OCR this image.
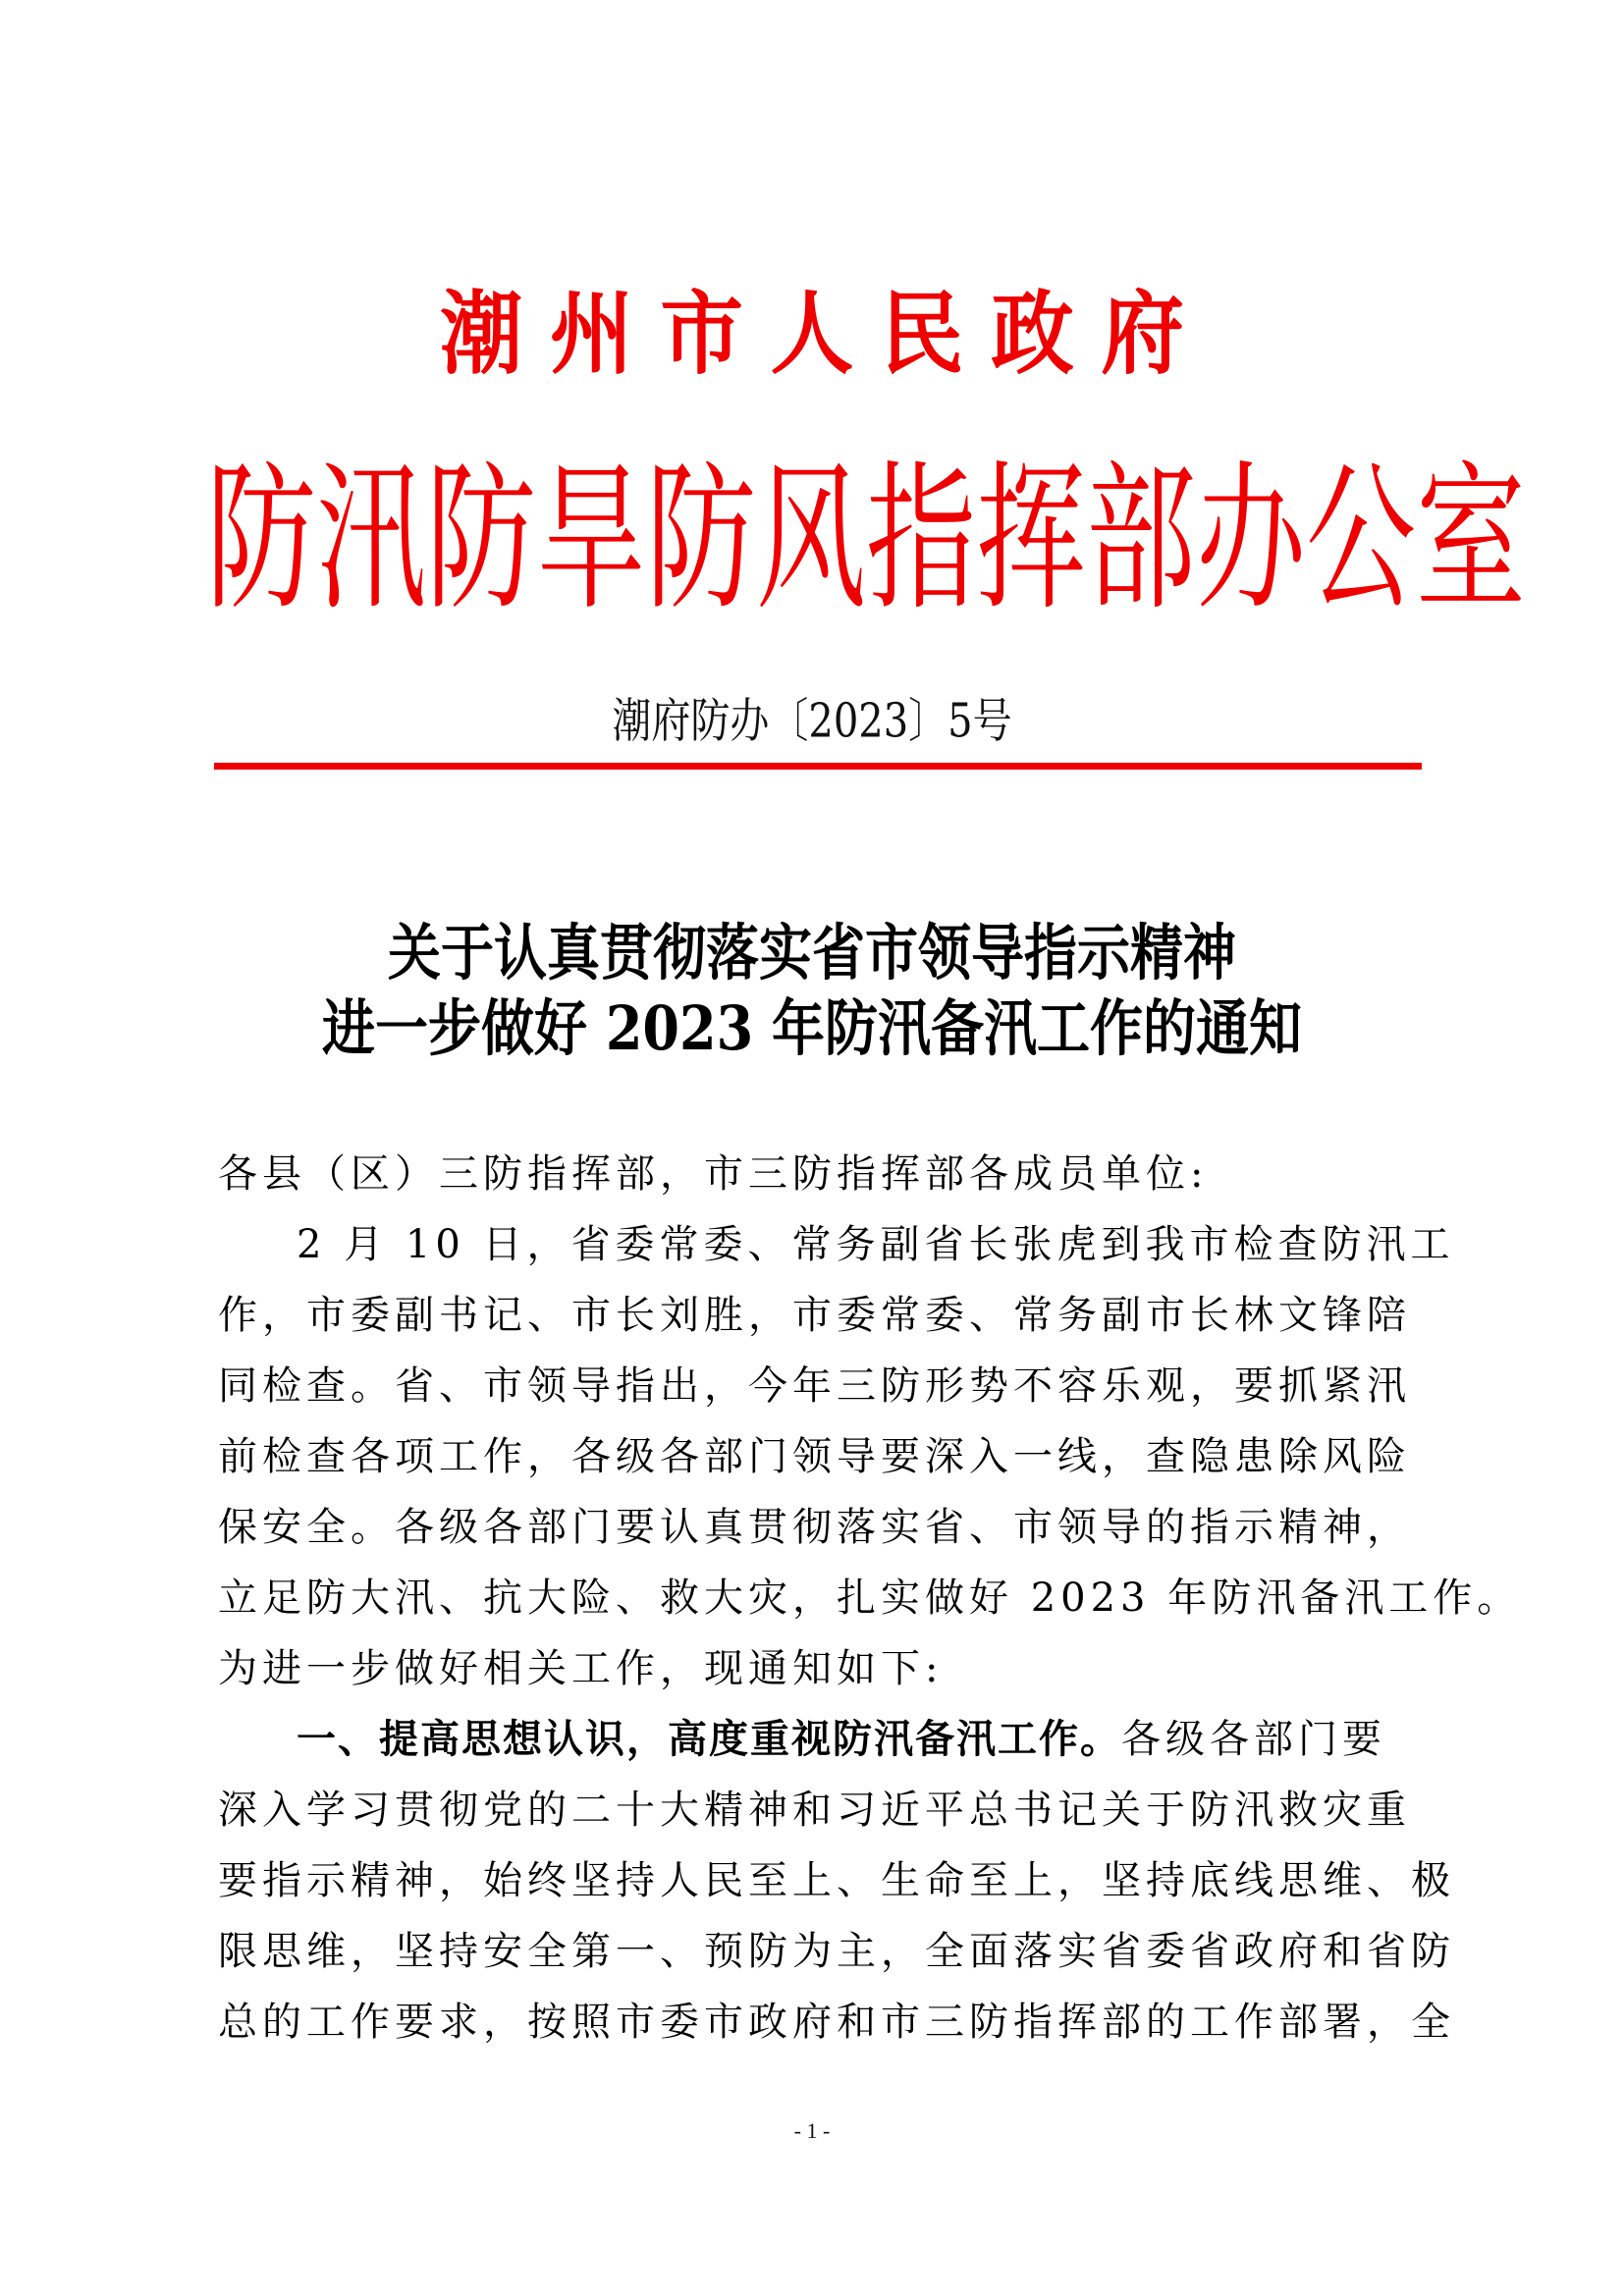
潮州市人民政府
防汛防旱防风指挥部办公室
潮府防办〔2023〕5号
关于认真贯彻落实省市领导指示精神
进一步做好 2023 年防汛备汛工作的通知
各县（区）三防指挥部，市三防指挥部各成员单位:
2 月 10 日，省委常委、常务副省长张虎到我市检查防汛工
作，市委副书记、市长刘胜，市委常委、常务副市长林文锋陪
同检查。省、市领导指出，今年三防形势不容乐观，要抓紧汛
前检查各项工作，各级各部门领导要深入一线，查隐患除风险
保安全。各级各部门要认真贯彻落实省、市领导的指示精神，
立足防大汛、抗大险、救大灾，扎实做好 2023 年防汛备汛工作。
为进一步做好相关工作，现通知如下:
一、提高思想认识，高度重视防汛备汛工作。各级各部门要
深入学习贯彻党的二十大精神和习近平总书记关于防汛救灾重
要指示精神，始终坚持人民至上、生命至上，坚持底线思维、极
限思维，坚持安全第一、预防为主，全面落实省委省政府和省防
总的工作要求，按照市委市政府和市三防指挥部的工作部署，全
- 1 -
